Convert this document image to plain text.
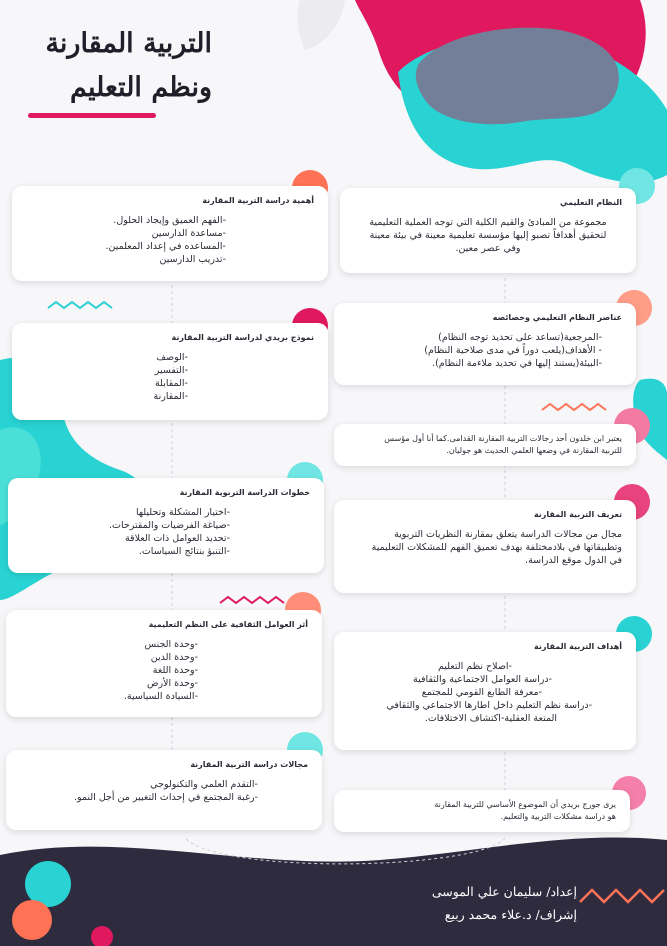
التربية المقارنة
ونظم التعليم
النظام التعليمي
مجموعة من المبادئ والقيم الكلية التي توجه العملية التعليمية
لتحقيق أهدافاً تصبو إليها مؤسسة تعليمية معينة في بيئة معينة
وفي عصر معين.
عناصر النظام التعليمي وخصائصه
-المرجعية(تساعد على تحديد توجه النظام)
- الأهداف(يلعب دوراً في مدى صلاحية النظام)
-البيئة(يستند إليها في تحديد ملاءمة النظام).
يعتبر ابن خلدون أحد رجالات التربية المقارنة القدامى.كما أنا أول مؤسس
للتربية المقارنة في وضعها العلمي الحديث هو جوليان.
تعريف التربية المقارنة
مجال من مجالات الدراسة يتعلق بمقارنة النظريات التربوية
وتطبيقاتها في بلادمختلفة بهدف تعميق الفهم للمشكلات التعليمية
في الدول موقع الدراسة.
أهداف التربية المقارنة
-اصلاح نظم التعليم
-دراسة العوامل الاجتماعية والثقافية
-معرفة الطابع القومي للمجتمع
-دراسة نظم التعليم داخل اطارها الاجتماعي والثقافي
المتعة العقلية-اكتشاف الاختلافات.
يرى جورج بريدي أن الموضوع الأساسي للتربية المقارنة
هو دراسة مشكلات التربية والتعليم.
أهمية دراسة التربية المقارنة
-الفهم العميق وإيجاد الحلول.
-مساعدة الدارسين
-المساعده في إعداد المعلمين.
-تدريب الدارسين
نموذج بريدي لدراسة التربية المقارنة
-الوصف
-التفسير
-المقابلة
-المقارنة
خطوات الدراسة التربوية المقارنة
-اختيار المشكلة وتحليلها
-صياغة الفرضيات والمقترحات.
-تحديد العوامل ذات العلاقة
-التنبؤ بنتائج السياسات.
أثر العوامل الثقافية على النظم التعليمية
-وحدة الجنس
-وحدة الدين
-وحدة اللغة
-وحدة الأرض
-السيادة السياسية.
مجالات دراسة التربية المقارنة
-التقدم العلمي والتكنولوجي
-رغبة المجتمع في إحداث التغيير من أجل النمو.
إعداد/ سليمان علي الموسى
إشراف/ د.علاء محمد ربيع
